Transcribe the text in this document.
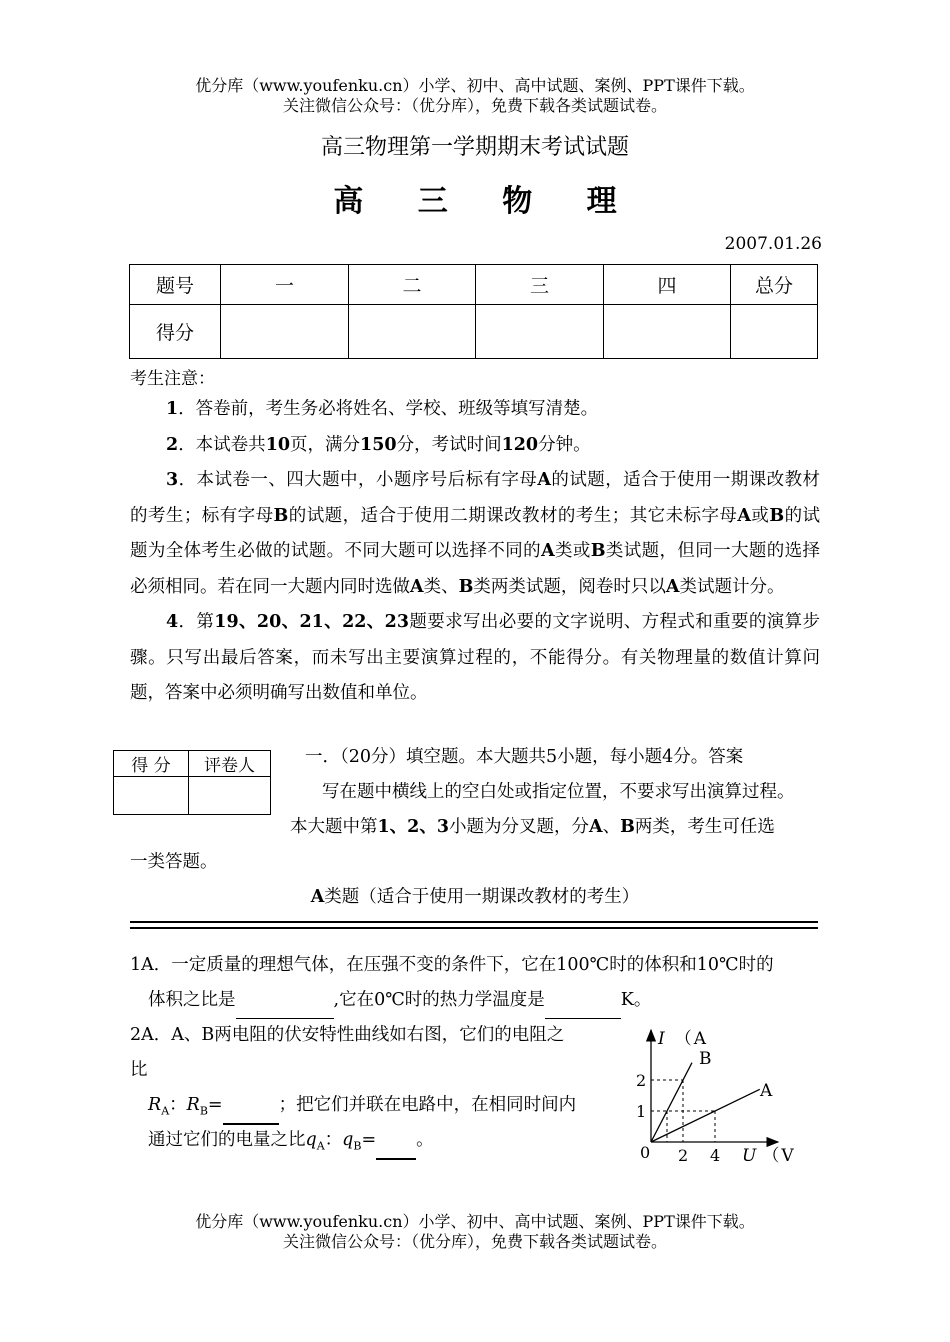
优分库（www.youfenku.cn）小学、初中、高中试题、案例、PPT课件下载。
关注微信公众号：（优分库），免费下载各类试题试卷。
高三物理第一学期期末考试试题
高 三 物 理
2007.01.26
题号	一	二	三	四	总分
得分					
考生注意：

1．答卷前，考生务必将姓名、学校、班级等填写清楚。

2．本试卷共10页，满分150分，考试时间120分钟。

3．本试卷一、四大题中，小题序号后标有字母A的试题，适合于使用一期课改教材的考生；标有字母B的试题，适合于使用二期课改教材的考生；其它未标字母A或B的试题为全体考生必做的试题。不同大题可以选择不同的A类或B类试题，但同一大题的选择必须相同。若在同一大题内同时选做A类、B类两类试题，阅卷时只以A类试题计分。

4．第19、20、21、22、23题要求写出必要的文字说明、方程式和重要的演算步骤。只写出最后答案，而未写出主要演算过程的，不能得分。有关物理量的数值计算问题，答案中必须明确写出数值和单位。

得 分	评卷人
		一．（20分）填空题。本大题共5小题，每小题4分。答案
写在题中横线上的空白处或指定位置，不要求写出演算过程。
本大题中第1、2、3小题为分叉题，分A、B两类，考生可任选
一类答题。
A类题（适合于使用一期课改教材的考生）
1A．一定质量的理想气体，在压强不变的条件下，它在100℃时的体积和10℃时的
体积之比是	,它在0℃时的热力学温度是	K。
2A．A、B两电阻的伏安特性曲线如右图，它们的电阻之
比
$R_A$：$R_B=$	；把它们并联在电路中，在相同时间内
通过它们的电量之比$q_A$：$q_B=$ 。
A
B
1
2
2 4
I （ A
U （ V
0
优分库（www.youfenku.cn）小学、初中、高中试题、案例、PPT课件下载。
关注微信公众号：（优分库），免费下载各类试题试卷。
